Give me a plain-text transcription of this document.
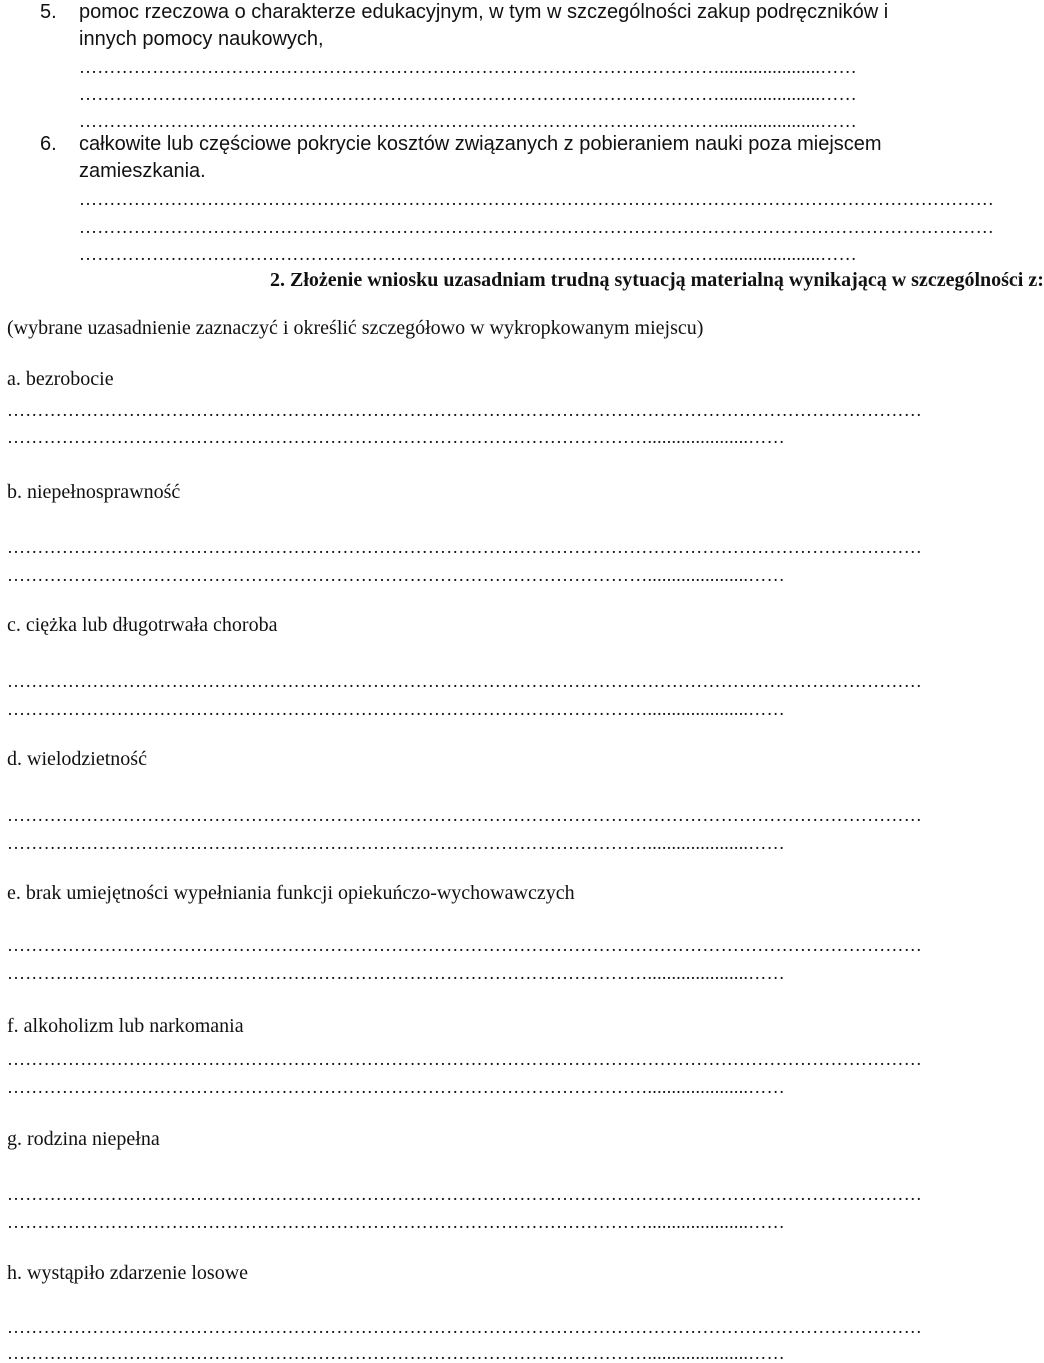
5. pomoc rzeczowa o charakterze edukacyjnym, w tym w szczególności zakup podręczników i
innych pomocy naukowych,
…………………………………………………………………………………………….....................……
…………………………………………………………………………………………….....................……
…………………………………………………………………………………………….....................……
6. całkowite lub częściowe pokrycie kosztów związanych z pobieraniem nauki poza miejscem
zamieszkania.
……………………………………………………………………………………………………………………………………
……………………………………………………………………………………………………………………………………
…………………………………………………………………………………………….....................……
2. Złożenie wniosku uzasadniam trudną sytuacją materialną wynikającą w szczególności z:
(wybrane uzasadnienie zaznaczyć i określić szczegółowo w wykropkowanym miejscu)
a. bezrobocie
……………………………………………………………………………………………………………………………………
…………………………………………………………………………………………….....................……
b. niepełnosprawność
……………………………………………………………………………………………………………………………………
…………………………………………………………………………………………….....................……
c. ciężka lub długotrwała choroba
……………………………………………………………………………………………………………………………………
…………………………………………………………………………………………….....................……
d. wielodzietność
……………………………………………………………………………………………………………………………………
…………………………………………………………………………………………….....................……
e. brak umiejętności wypełniania funkcji opiekuńczo-wychowawczych
……………………………………………………………………………………………………………………………………
…………………………………………………………………………………………….....................……
f. alkoholizm lub narkomania
……………………………………………………………………………………………………………………………………
…………………………………………………………………………………………….....................……
g. rodzina niepełna
……………………………………………………………………………………………………………………………………
…………………………………………………………………………………………….....................……
h. wystąpiło zdarzenie losowe
……………………………………………………………………………………………………………………………………
…………………………………………………………………………………………….....................……
